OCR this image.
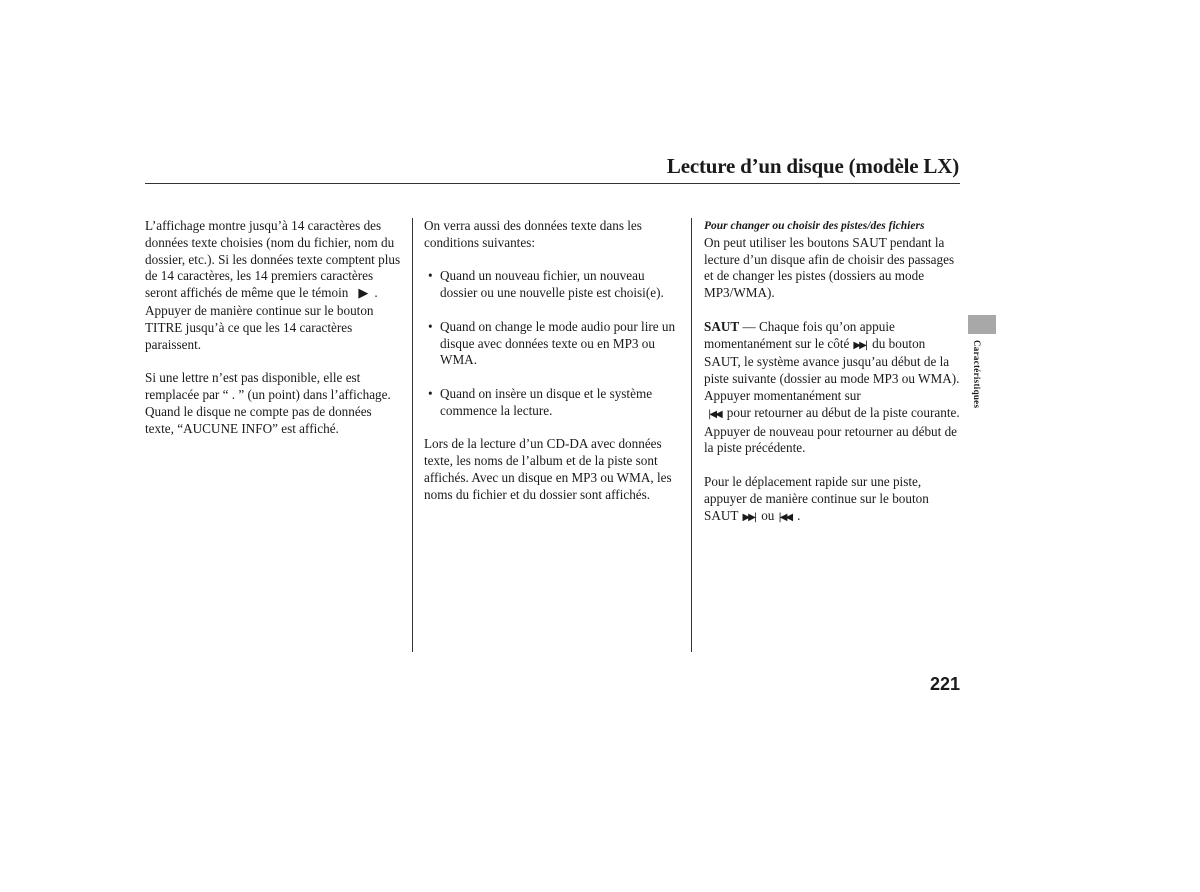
Lecture d’un disque (modèle LX)

L’affichage montre jusqu’à 14 caractères des données texte choisies (nom du fichier, nom du dossier, etc.). Si les données texte comptent plus de 14 caractères, les 14 premiers caractères seront affichés de même que le témoin ▶ . Appuyer de manière continue sur le bouton TITRE jusqu’à ce que les 14 caractères paraissent.

Si une lettre n’est pas disponible, elle est remplacée par “ . ” (un point) dans l’affichage. Quand le disque ne compte pas de données texte, “AUCUNE INFO” est affiché.

On verra aussi des données texte dans les conditions suivantes:

• Quand un nouveau fichier, un nouveau dossier ou une nouvelle piste est choisi(e).
• Quand on change le mode audio pour lire un disque avec données texte ou en MP3 ou WMA.
• Quand on insère un disque et le système commence la lecture.

Lors de la lecture d’un CD-DA avec données texte, les noms de l’album et de la piste sont affichés. Avec un disque en MP3 ou WMA, les noms du fichier et du dossier sont affichés.

Pour changer ou choisir des pistes/des fichiers

On peut utiliser les boutons SAUT pendant la lecture d’un disque afin de choisir des passages et de changer les pistes (dossiers au mode MP3/WMA).

SAUT — Chaque fois qu’on appuie momentanément sur le côté ▶▶| du bouton SAUT, le système avance jusqu’au début de la piste suivante (dossier au mode MP3 ou WMA). Appuyer momentanément sur
|◀◀ pour retourner au début de la piste courante. Appuyer de nouveau pour retourner au début de la piste précédente.

Pour le déplacement rapide sur une piste, appuyer de manière continue sur le bouton SAUT ▶▶| ou |◀◀ .

Caractéristiques
221
